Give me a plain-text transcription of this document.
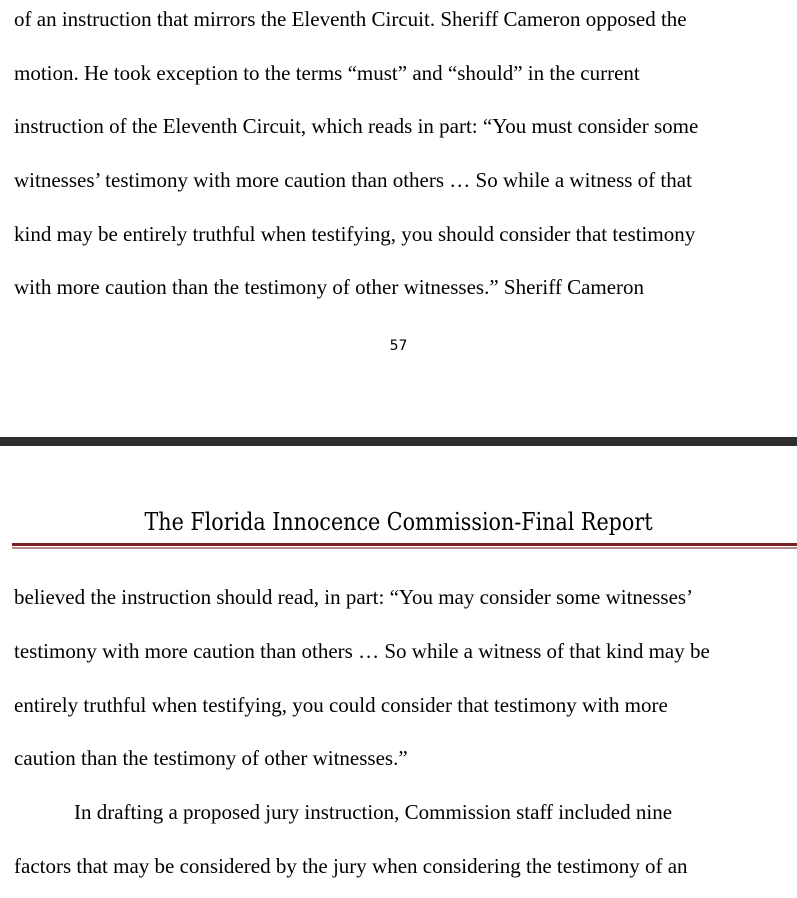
of an instruction that mirrors the Eleventh Circuit. Sheriff Cameron opposed the
motion. He took exception to the terms “must” and “should” in the current
instruction of the Eleventh Circuit, which reads in part: “You must consider some
witnesses’ testimony with more caution than others … So while a witness of that
kind may be entirely truthful when testifying, you should consider that testimony
with more caution than the testimony of other witnesses.” Sheriff Cameron
57
The Florida Innocence Commission-Final Report
believed the instruction should read, in part: “You may consider some witnesses’
testimony with more caution than others … So while a witness of that kind may be
entirely truthful when testifying, you could consider that testimony with more
caution than the testimony of other witnesses.”
In drafting a proposed jury instruction, Commission staff included nine
factors that may be considered by the jury when considering the testimony of an
